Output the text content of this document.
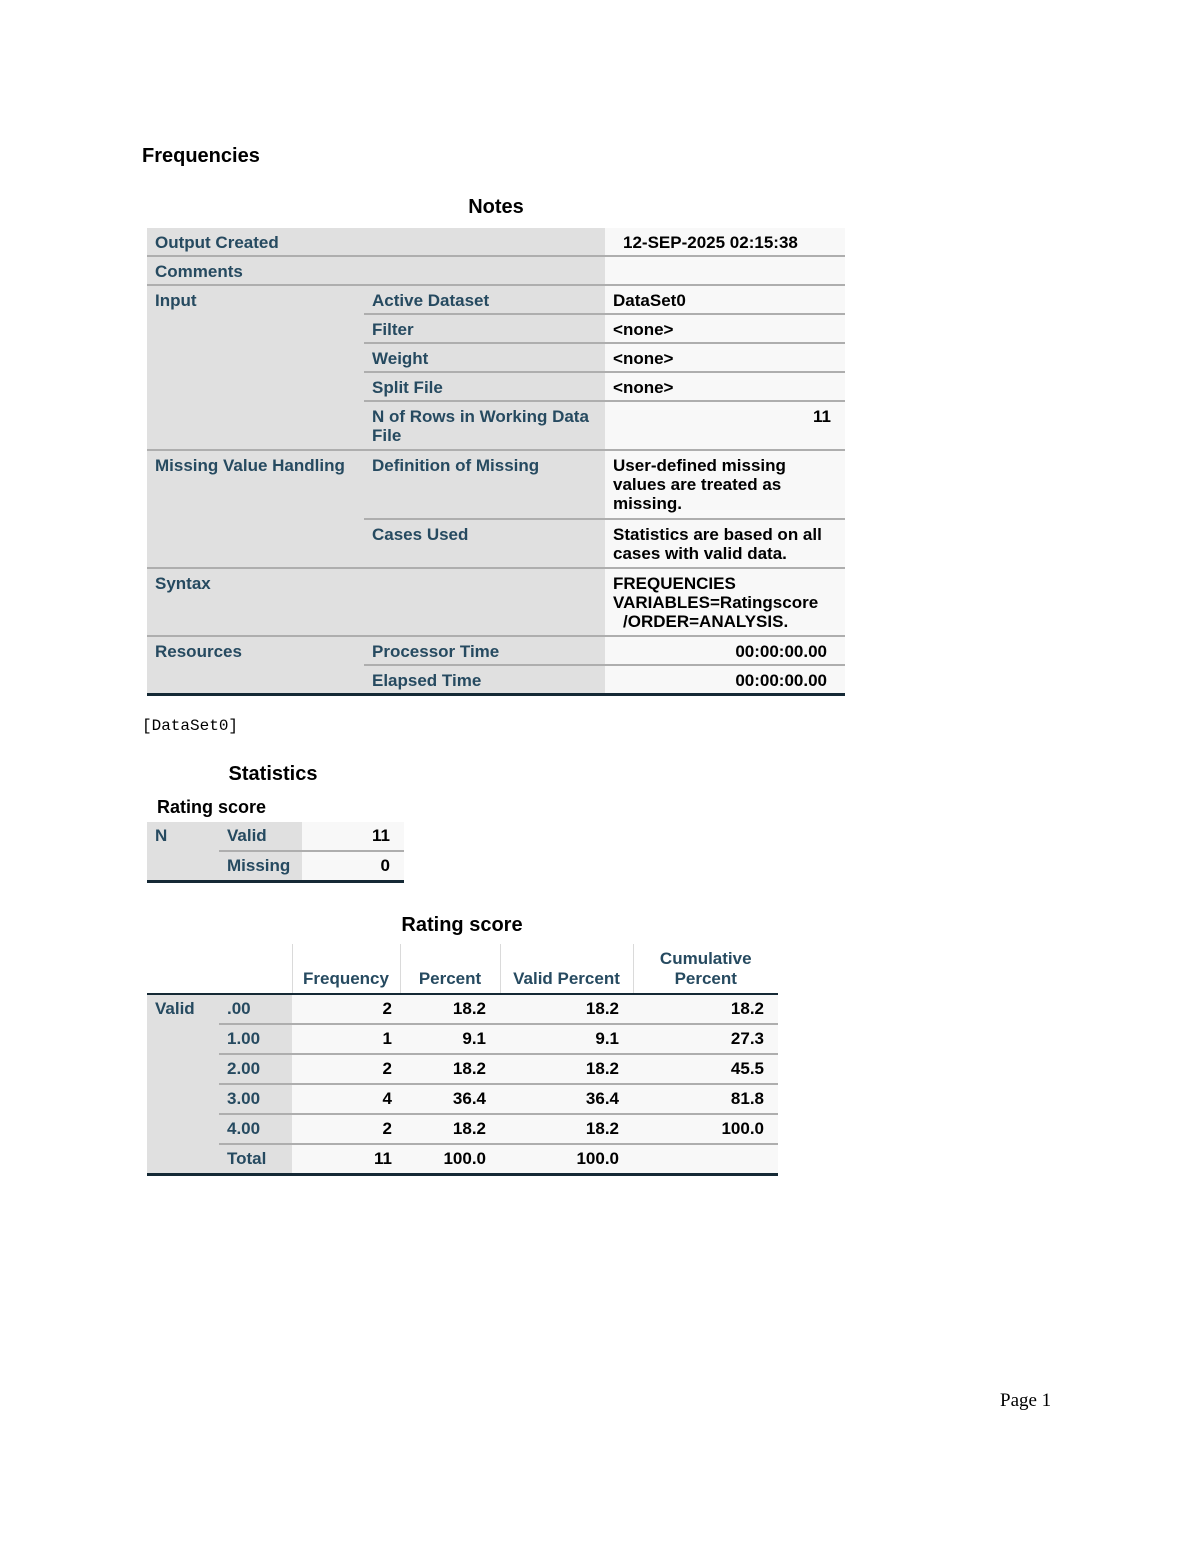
Frequencies
Notes
Output Created		12-SEP-2025 02:15:38
Comments		
Input	Active Dataset	DataSet0
	Filter	<none>
	Weight	<none>
	Split File	<none>
	N of Rows in Working Data File	11
Missing Value Handling	Definition of Missing	User-defined missing values are treated as missing.
	Cases Used	Statistics are based on all cases with valid data.
Syntax		FREQUENCIES VARIABLES=Ratingscore
/ORDER=ANALYSIS.

Resources	Processor Time	00:00:00.00
	Elapsed Time	00:00:00.00
[DataSet0]
Statistics
Rating score
N	Valid	11
	Missing	0
Rating score
		Frequency	Percent	Valid Percent	Cumulative Percent
Valid	.00	2	18.2	18.2	18.2
	1.00	1	9.1	9.1	27.3
	2.00	2	18.2	18.2	45.5
	3.00	4	36.4	36.4	81.8
	4.00	2	18.2	18.2	100.0
	Total	11	100.0	100.0	
Page 1
